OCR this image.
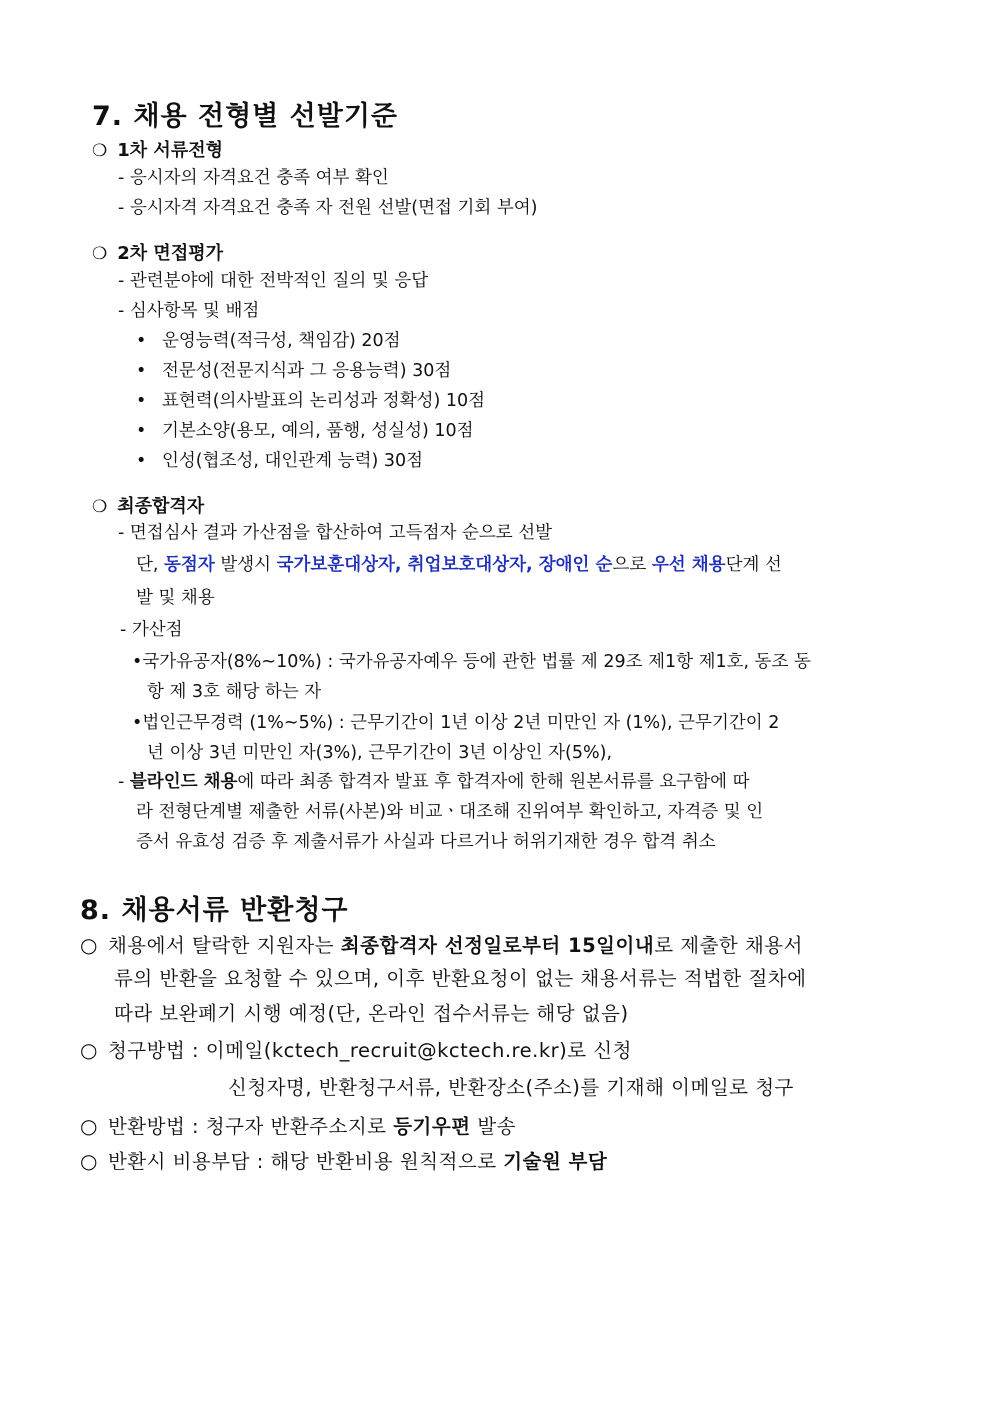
7. 채용 전형별 선발기준
❍ 1차 서류전형
- 응시자의 자격요건 충족 여부 확인
- 응시자격 자격요건 충족 자 전원 선발(면접 기회 부여)
❍ 2차 면접평가
- 관련분야에 대한 전박적인 질의 및 응답
- 심사항목 및 배점
• 운영능력(적극성, 책임감) 20점
• 전문성(전문지식과 그 응용능력) 30점
• 표현력(의사발표의 논리성과 정확성) 10점
• 기본소양(용모, 예의, 품행, 성실성) 10점
• 인성(협조성, 대인관계 능력) 30점
❍ 최종합격자
- 면접심사 결과 가산점을 합산하여 고득점자 순으로 선발
단, 동점자 발생시 국가보훈대상자, 취업보호대상자, 장애인 순으로 우선 채용단계 선
발 및 채용
- 가산점
•국가유공자(8%~10%) : 국가유공자예우 등에 관한 법률 제 29조 제1항 제1호, 동조 동
항 제 3호 해당 하는 자
•법인근무경력 (1%~5%) : 근무기간이 1년 이상 2년 미만인 자 (1%), 근무기간이 2
년 이상 3년 미만인 자(3%), 근무기간이 3년 이상인 자(5%),
- 블라인드 채용에 따라 최종 합격자 발표 후 합격자에 한해 원본서류를 요구함에 따
라 전형단계별 제출한 서류(사본)와 비교ㆍ대조해 진위여부 확인하고, 자격증 및 인
증서 유효성 검증 후 제출서류가 사실과 다르거나 허위기재한 경우 합격 취소
8. 채용서류 반환청구
○ 채용에서 탈락한 지원자는 최종합격자 선정일로부터 15일이내로 제출한 채용서
류의 반환을 요청할 수 있으며, 이후 반환요청이 없는 채용서류는 적법한 절차에
따라 보완폐기 시행 예정(단, 온라인 접수서류는 해당 없음)
○ 청구방법 : 이메일(kctech_recruit@kctech.re.kr)로 신청
신청자명, 반환청구서류, 반환장소(주소)를 기재해 이메일로 청구
○ 반환방법 : 청구자 반환주소지로 등기우편 발송
○ 반환시 비용부담 : 해당 반환비용 원칙적으로 기술원 부담
